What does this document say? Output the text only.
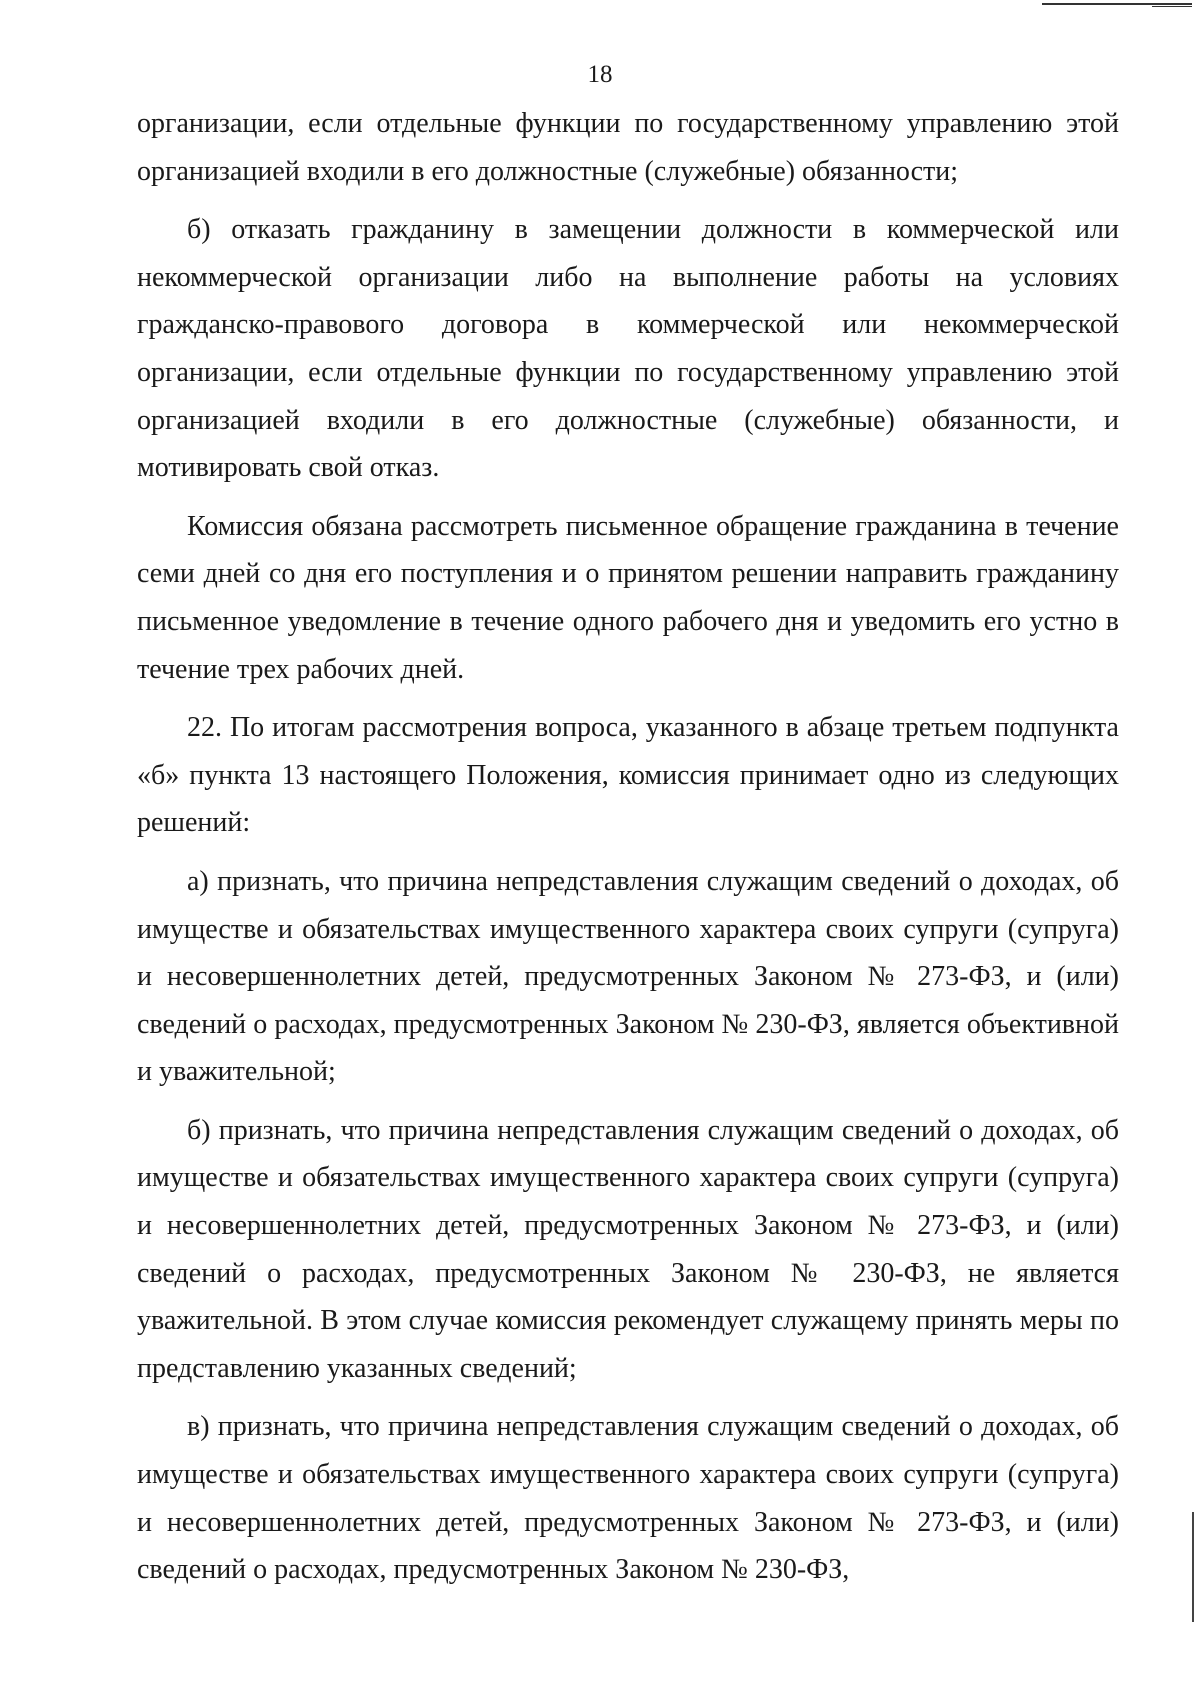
18

организации, если отдельные функции по государственному управлению этой организацией входили в его должностные (служебные) обязанности;

б) отказать гражданину в замещении должности в коммерческой или некоммерческой организации либо на выполнение работы на условиях гражданско-правового договора в коммерческой или некоммерческой организации, если отдельные функции по государственному управлению этой организацией входили в его должностные (служебные) обязанности, и мотивировать свой отказ.

Комиссия обязана рассмотреть письменное обращение гражданина в течение семи дней со дня его поступления и о принятом решении направить гражданину письменное уведомление в течение одного рабочего дня и уведомить его устно в течение трех рабочих дней.

22. По итогам рассмотрения вопроса, указанного в абзаце третьем подпункта «б» пункта 13 настоящего Положения, комиссия принимает одно из следующих решений:

а) признать, что причина непредставления служащим сведений о доходах, об имуществе и обязательствах имущественного характера своих супруги (супруга) и несовершеннолетних детей, предусмотренных Законом № 273-ФЗ, и (или) сведений о расходах, предусмотренных Законом № 230-ФЗ, является объективной и уважительной;

б) признать, что причина непредставления служащим сведений о доходах, об имуществе и обязательствах имущественного характера своих супруги (супруга) и несовершеннолетних детей, предусмотренных Законом № 273-ФЗ, и (или) сведений о расходах, предусмотренных Законом № 230-ФЗ, не является уважительной. В этом случае комиссия рекомендует служащему принять меры по представлению указанных сведений;

в) признать, что причина непредставления служащим сведений о доходах, об имуществе и обязательствах имущественного характера своих супруги (супруга) и несовершеннолетних детей, предусмотренных Законом № 273-ФЗ, и (или) сведений о расходах, предусмотренных Законом № 230-ФЗ,
